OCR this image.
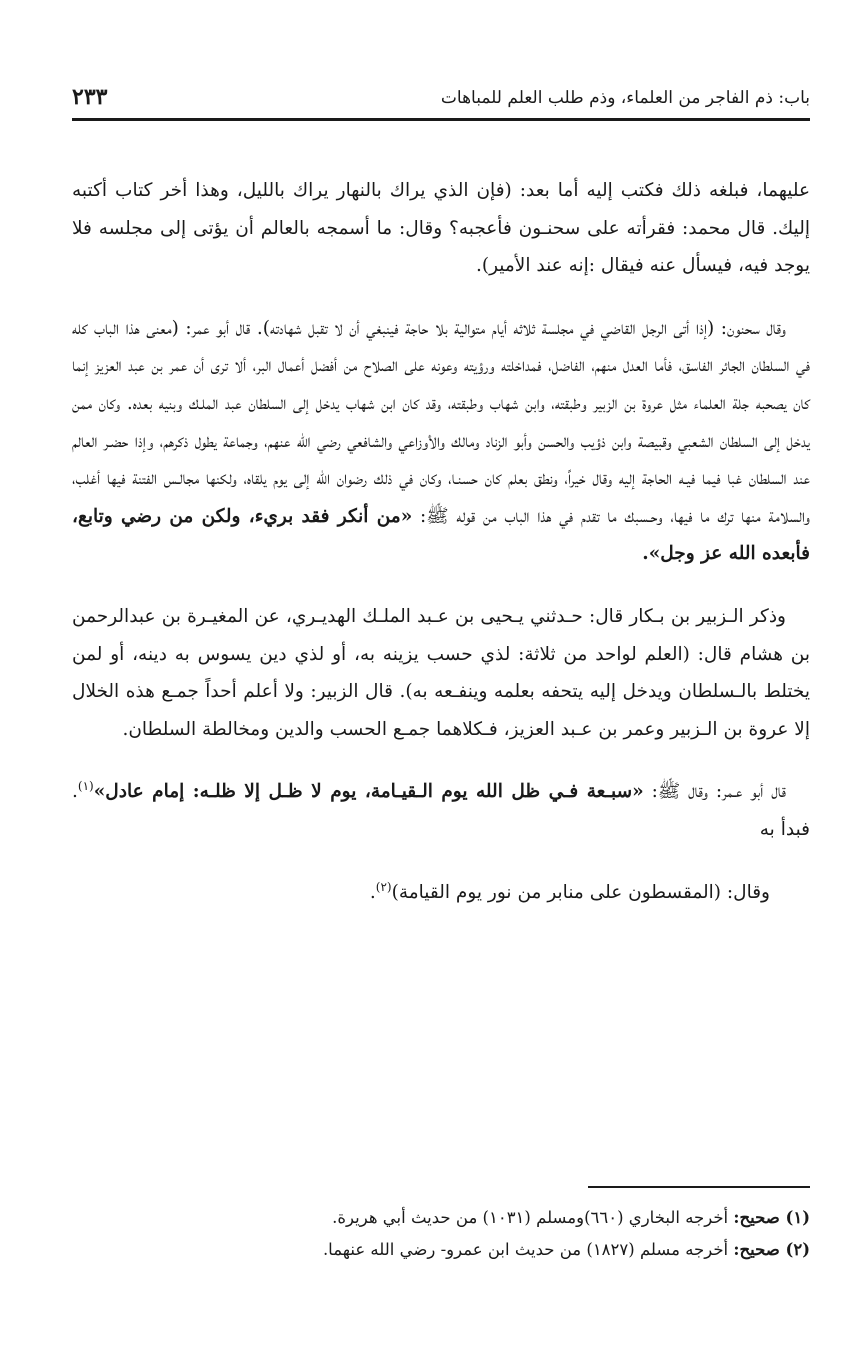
باب: ذم الفاجر من العلماء، وذم طلب العلم للمباهات
٢٣٣

عليهما، فبلغه ذلك فكتب إليه أما بعد: (فإن الذي يراك بالنهار يراك بالليل، وهذا أخر كتاب أكتبه إليك. قال محمد: فقرأته على سحنـون فأعجبه؟ وقال: ما أسمجه بالعالم أن يؤتى إلى مجلسه فلا يوجد فيه، فيسأل عنه فيقال :إنه عند الأمير).

وقال سحنون: (إذا أتى الرجل القاضي في مجلسة ثلاثه أيام متوالية بلا حاجة فينبغي أن لا تقبل شهادته). قال أبو عمر: (معنى هذا الباب كله في السلطان الجائر الفاسق، فأما العدل منهم، الفاضل، فمداخلته ورؤيته وعونه على الصلاح من أفضل أعمال البر، ألا ترى أن عمر بن عبد العزيز إنما كان يصحبه جلة العلماء مثل عروة بن الزبير وطبقته، وابن شهاب وطبقته، وقد كان ابن شهاب يدخل إلى السلطان عبد الملـك وبنيه بعده. وكان ممن يدخل إلى السلطان الشعبي وقبيصة وابن ذؤيب والحسن وأبو الزناد ومالك والأوزاعي والشافعي رضي الله عنهم، وجماعة يطول ذكرهم، وإذا حضـر العالم عند السلطان غبا فيما فيـه الحاجة إليه وقال خيراً، ونطق بعلم كان حسنـا، وكان في ذلك رضوان الله إلى يوم يلقاه، ولكنها مجالـس الفتنة فيها أغلب، والسلامة منها ترك ما فيها، وحـسبك ما تقدم في هذا الباب من قوله ﷺ: «من أنكر فقد بريء، ولكن من رضي وتابع، فأبعده الله عز وجل».

وذكر الـزبير بن بـكار قال: حـدثني يـحيى بن عـبد الملـك الهديـري، عن المغيـرة بن عبدالرحمن بن هشام قال: (العلم لواحد من ثلاثة: لذي حسب يزينه به، أو لذي دين يسوس به دينه، أو لمن يختلط بالـسلطان ويدخل إليه يتحفه بعلمه وينفـعه به). قال الزبير: ولا أعلم أحداً جمـع هذه الخلال إلا عروة بن الـزبير وعمر بن عـبد العزيز، فـكلاهما جمـع الحسب والدين ومخالطة السلطان.

قال أبو عـمر: وقال ﷺ: «سبـعة فـي ظل الله يوم الـقيـامة، يوم لا ظـل إلا ظلـه: إمام عادل»$^{(١)}$. فبدأ به

وقال: (المقسطون على منابر من نور يوم القيامة)$^{(٢)}$.

(١) صحيح: أخرجه البخاري (٦٦٠)ومسلم (١٠٣١) من حديث أبي هريرة.

(٢) صحيح: أخرجه مسلم (١٨٢٧) من حديث ابن عمرو- رضي الله عنهما.
